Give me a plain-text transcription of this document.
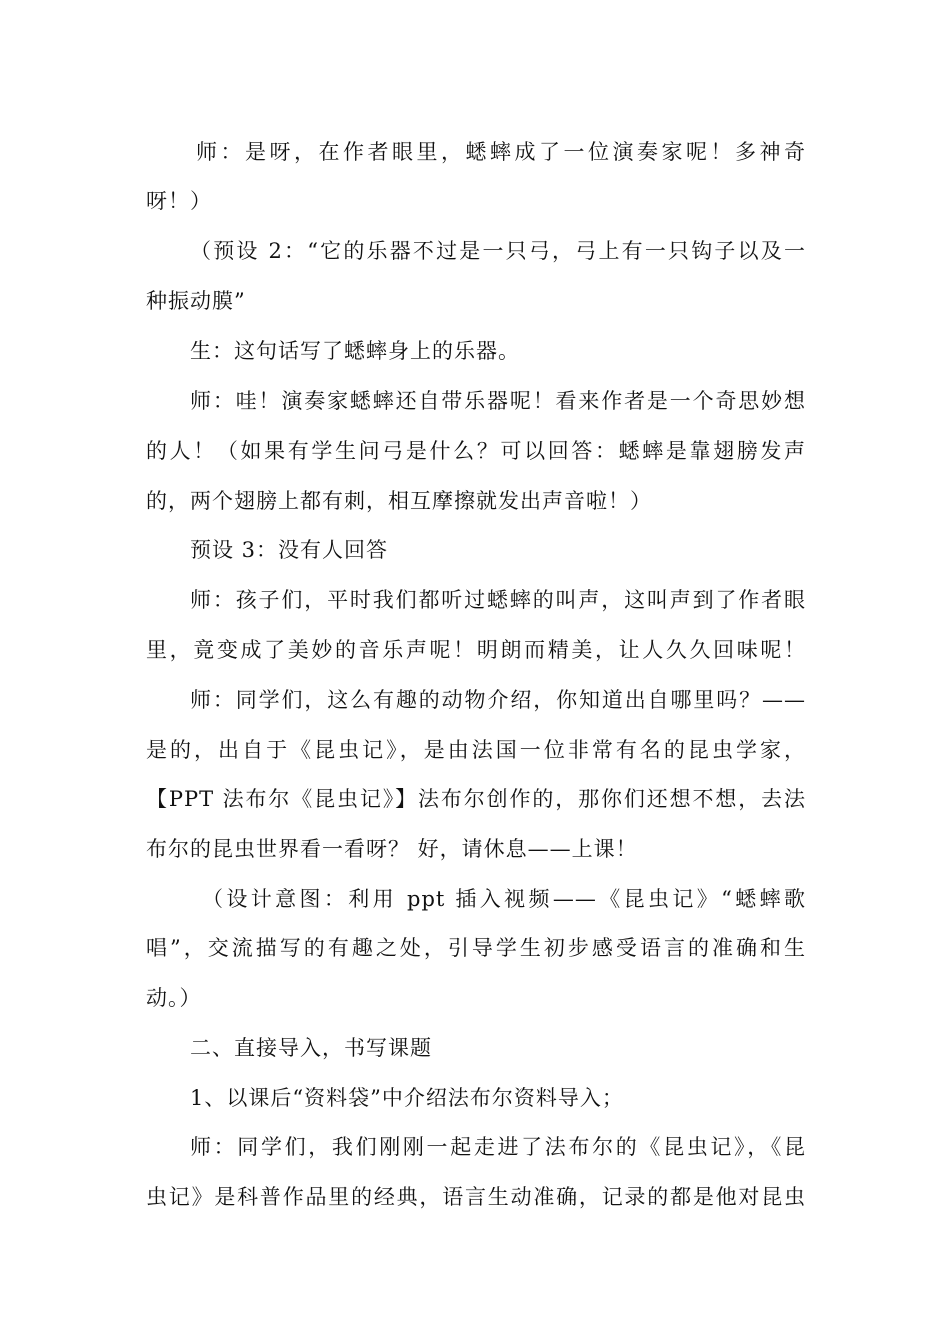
师：是呀，在作者眼里，蟋蟀成了一位演奏家呢！多神奇
呀！）
（预设 2：“它的乐器不过是一只弓，弓上有一只钩子以及一
种振动膜”
生：这句话写了蟋蟀身上的乐器。
师：哇！演奏家蟋蟀还自带乐器呢！看来作者是一个奇思妙想
的人！（如果有学生问弓是什么？可以回答：蟋蟀是靠翅膀发声
的，两个翅膀上都有刺，相互摩擦就发出声音啦！）
预设 3：没有人回答
师：孩子们，平时我们都听过蟋蟀的叫声，这叫声到了作者眼
里，竟变成了美妙的音乐声呢！明朗而精美，让人久久回味呢！
师：同学们，这么有趣的动物介绍，你知道出自哪里吗？——
是的，出自于《昆虫记》，是由法国一位非常有名的昆虫学家，
【PPT 法布尔《昆虫记》】法布尔创作的，那你们还想不想，去法
布尔的昆虫世界看一看呀？ 好，请休息——上课！
（设计意图：利用 ppt 插入视频——《昆虫记》“蟋蟀歌
唱”，交流描写的有趣之处，引导学生初步感受语言的准确和生
动。）
二、直接导入，书写课题
1、以课后“资料袋”中介绍法布尔资料导入；
师：同学们，我们刚刚一起走进了法布尔的《昆虫记》，《昆
虫记》是科普作品里的经典，语言生动准确，记录的都是他对昆虫
